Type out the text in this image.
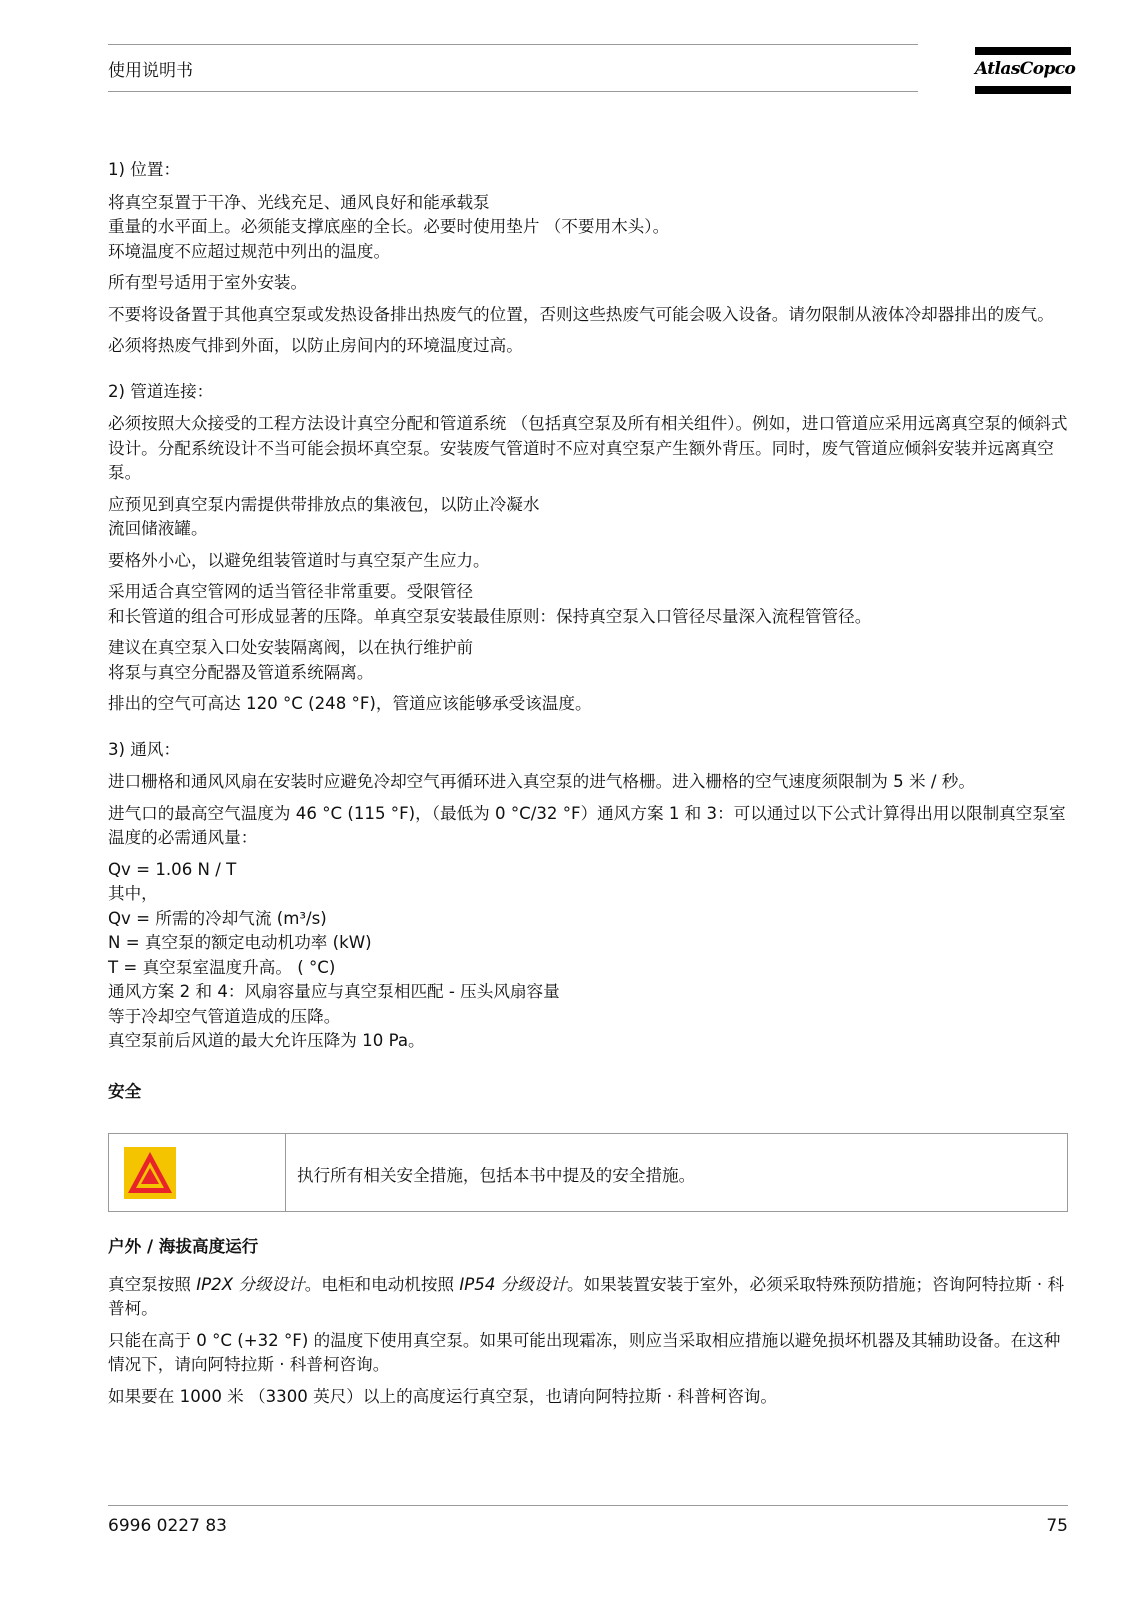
使用说明书	AtlasCopco

1) 位置：

将真空泵置于干净、光线充足、通风良好和能承载泵
重量的水平面上。必须能支撑底座的全长。必要时使用垫片 （不要用木头）。
环境温度不应超过规范中列出的温度。

所有型号适用于室外安装。

不要将设备置于其他真空泵或发热设备排出热废气的位置，否则这些热废气可能会吸入设备。请勿限制从液体冷却器排出的废气。

必须将热废气排到外面，以防止房间内的环境温度过高。

2) 管道连接：

必须按照大众接受的工程方法设计真空分配和管道系统 （包括真空泵及所有相关组件）。例如，进口管道应采用远离真空泵的倾斜式设计。分配系统设计不当可能会损坏真空泵。安装废气管道时不应对真空泵产生额外背压。同时，废气管道应倾斜安装并远离真空泵。

应预见到真空泵内需提供带排放点的集液包，以防止冷凝水
流回储液罐。

要格外小心，以避免组装管道时与真空泵产生应力。

采用适合真空管网的适当管径非常重要。受限管径
和长管道的组合可形成显著的压降。单真空泵安装最佳原则：保持真空泵入口管径尽量深入流程管管径。
建议在真空泵入口处安装隔离阀，以在执行维护前
将泵与真空分配器及管道系统隔离。

排出的空气可高达 120 °C (248 °F)，管道应该能够承受该温度。

3) 通风：

进口栅格和通风风扇在安装时应避免冷却空气再循环进入真空泵的进气格栅。进入栅格的空气速度须限制为 5 米 / 秒。

进气口的最高空气温度为 46 °C (115 °F)，（最低为 0 °C/32 °F）通风方案 1 和 3：可以通过以下公式计算得出用以限制真空泵室温度的必需通风量：

Qv = 1.06 N / T
其中，
Qv = 所需的冷却气流 (m³/s)
N = 真空泵的额定电动机功率 (kW)
T = 真空泵室温度升高。 ( °C)
通风方案 2 和 4：风扇容量应与真空泵相匹配 - 压头风扇容量
等于冷却空气管道造成的压降。
真空泵前后风道的最大允许压降为 10 Pa。

安全

执行所有相关安全措施，包括本书中提及的安全措施。

户外 / 海拔高度运行

真空泵按照 IP2X 分级设计。电柜和电动机按照 IP54 分级设计。如果装置安装于室外，必须采取特殊预防措施；咨询阿特拉斯 · 科普柯。

只能在高于 0 °C (+32 °F) 的温度下使用真空泵。如果可能出现霜冻，则应当采取相应措施以避免损坏机器及其辅助设备。在这种情况下，请向阿特拉斯 · 科普柯咨询。

如果要在 1000 米 （3300 英尺）以上的高度运行真空泵，也请向阿特拉斯 · 科普柯咨询。

6996 0227 83	75
